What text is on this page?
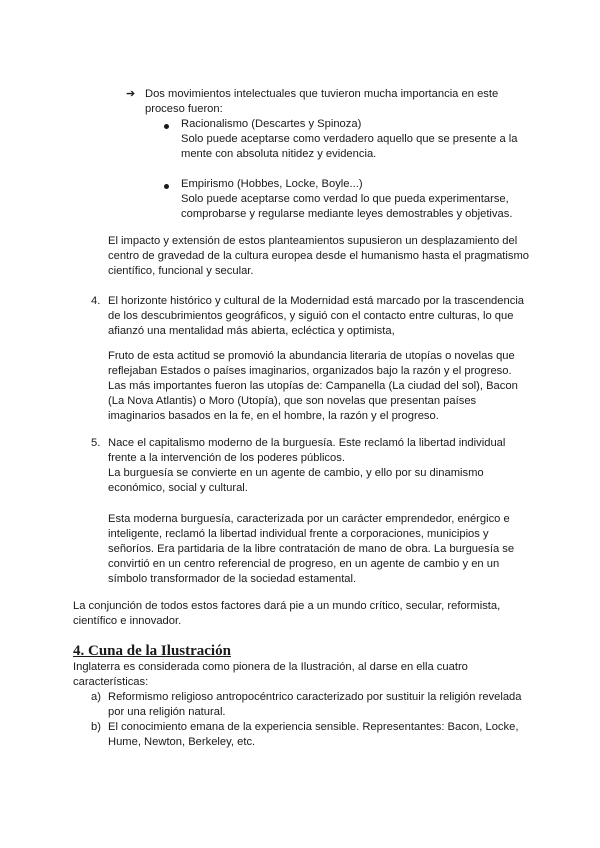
➔ Dos movimientos intelectuales que tuvieron mucha importancia en este
proceso fueron:

Racionalismo (Descartes y Spinoza)
Solo puede aceptarse como verdadero aquello que se presente a la
mente con absoluta nitidez y evidencia.

Empirismo (Hobbes, Locke, Boyle...)
Solo puede aceptarse como verdad lo que pueda experimentarse,
comprobarse y regularse mediante leyes demostrables y objetivas.

El impacto y extensión de estos planteamientos supusieron un desplazamiento del
centro de gravedad de la cultura europea desde el humanismo hasta el pragmatismo
científico, funcional y secular.

4. El horizonte histórico y cultural de la Modernidad está marcado por la trascendencia
de los descubrimientos geográficos, y siguió con el contacto entre culturas, lo que
afianzó una mentalidad más abierta, ecléctica y optimista,

Fruto de esta actitud se promovió la abundancia literaria de utopías o novelas que
reflejaban Estados o países imaginarios, organizados bajo la razón y el progreso.
Las más importantes fueron las utopías de: Campanella (La ciudad del sol), Bacon
(La Nova Atlantis) o Moro (Utopía), que son novelas que presentan países
imaginarios basados en la fe, en el hombre, la razón y el progreso.

5. Nace el capitalismo moderno de la burguesía. Este reclamó la libertad individual
frente a la intervención de los poderes públicos.
La burguesía se convierte en un agente de cambio, y ello por su dinamismo
económico, social y cultural.

Esta moderna burguesía, caracterizada por un carácter emprendedor, enérgico e
inteligente, reclamó la libertad individual frente a corporaciones, municipios y
señoríos. Era partidaria de la libre contratación de mano de obra. La burguesía se
convirtió en un centro referencial de progreso, en un agente de cambio y en un
símbolo transformador de la sociedad estamental.

La conjunción de todos estos factores dará pie a un mundo crítico, secular, reformista,
científico e innovador.

4. Cuna de la Ilustración

Inglaterra es considerada como pionera de la Ilustración, al darse en ella cuatro
características:

a) Reformismo religioso antropocéntrico caracterizado por sustituir la religión revelada
por una religión natural.

b) El conocimiento emana de la experiencia sensible. Representantes: Bacon, Locke,
Hume, Newton, Berkeley, etc.
